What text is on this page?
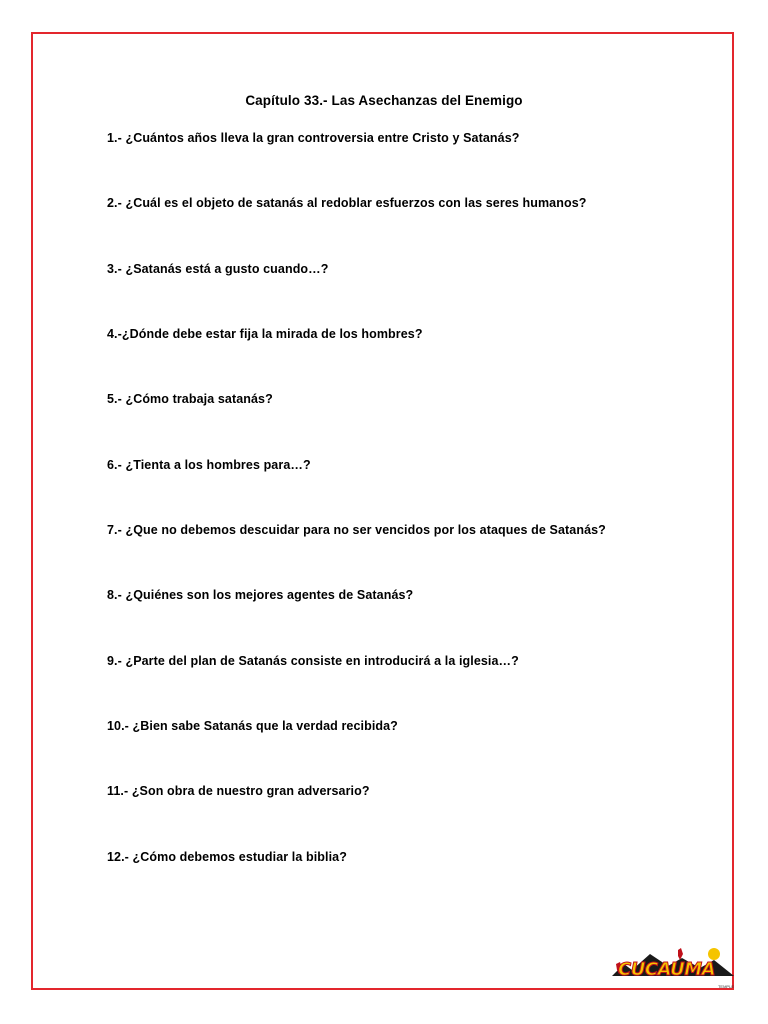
Capítulo 33.- Las Asechanzas del Enemigo
1.- ¿Cuántos años lleva la gran controversia entre Cristo y Satanás?
2.- ¿Cuál es el objeto de satanás al redoblar esfuerzos con las seres humanos?
3.- ¿Satanás está a gusto cuando…?
4.-¿Dónde debe estar fija la mirada de los hombres?
5.- ¿Cómo trabaja satanás?
6.- ¿Tienta a los hombres para…?
7.- ¿Que no debemos descuidar para no ser vencidos por los ataques de Satanás?
8.- ¿Quiénes son los mejores agentes de Satanás?
9.- ¿Parte del plan de Satanás consiste en introducirá a la iglesia…?
10.- ¿Bien sabe Satanás que la verdad recibida?
11.- ¿Son obra de nuestro gran adversario?
12.- ¿Cómo debemos estudiar la biblia?
CUCAUMA
TEMPLE
